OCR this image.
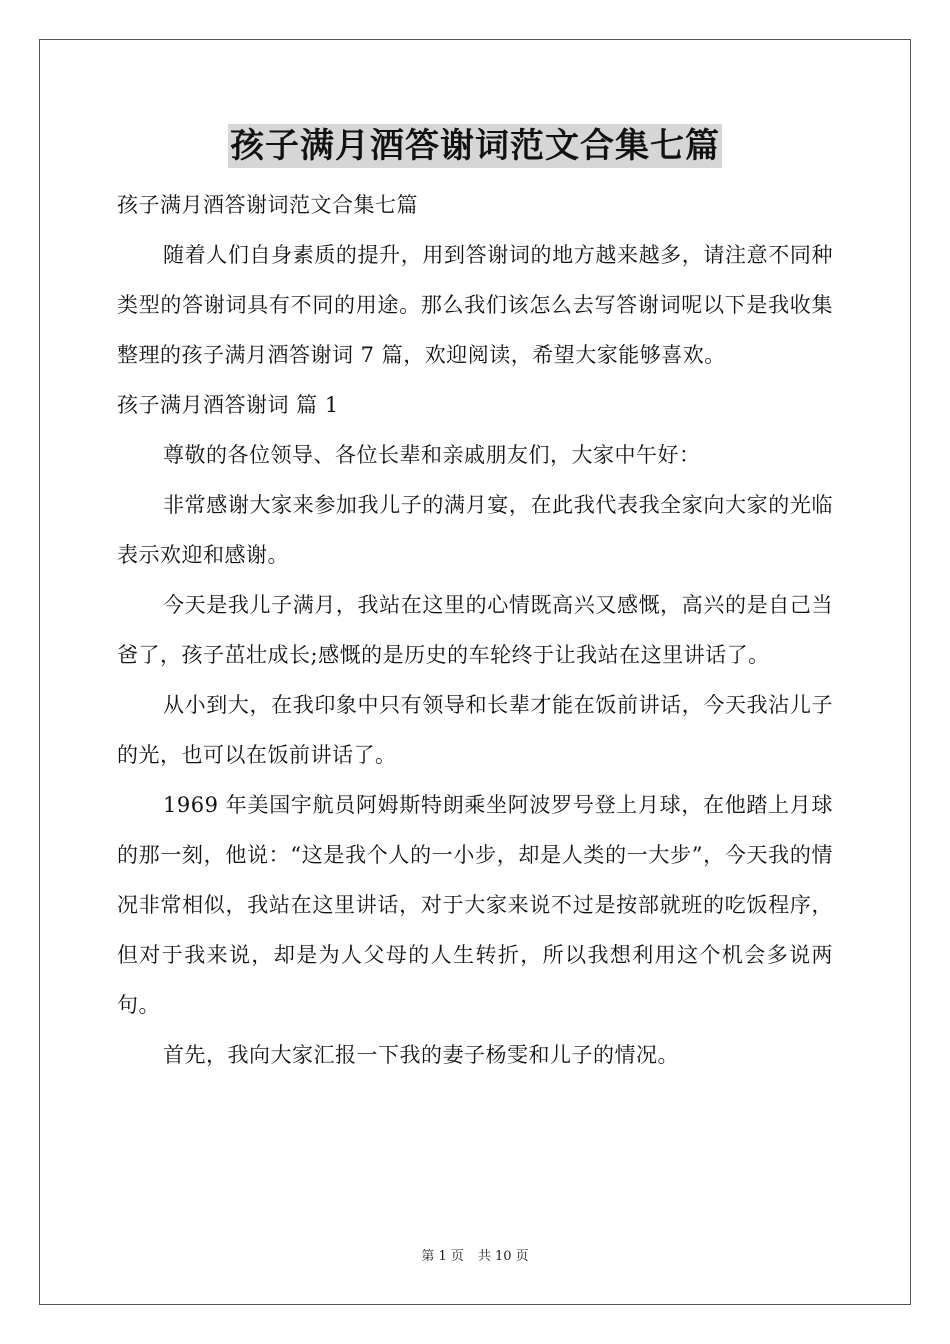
孩子满月酒答谢词范文合集七篇

孩子满月酒答谢词范文合集七篇

随着人们自身素质的提升，用到答谢词的地方越来越多，请注意不同种类型的答谢词具有不同的用途。那么我们该怎么去写答谢词呢以下是我收集整理的孩子满月酒答谢词 7 篇，欢迎阅读，希望大家能够喜欢。

孩子满月酒答谢词 篇 1

尊敬的各位领导、各位长辈和亲戚朋友们，大家中午好：

非常感谢大家来参加我儿子的满月宴，在此我代表我全家向大家的光临表示欢迎和感谢。

今天是我儿子满月，我站在这里的心情既高兴又感慨，高兴的是自己当爸了，孩子茁壮成长;感慨的是历史的车轮终于让我站在这里讲话了。

从小到大，在我印象中只有领导和长辈才能在饭前讲话，今天我沾儿子的光，也可以在饭前讲话了。

1969 年美国宇航员阿姆斯特朗乘坐阿波罗号登上月球，在他踏上月球的那一刻，他说：“这是我个人的一小步，却是人类的一大步”，今天我的情况非常相似，我站在这里讲话，对于大家来说不过是按部就班的吃饭程序，但对于我来说，却是为人父母的人生转折，所以我想利用这个机会多说两句。

首先，我向大家汇报一下我的妻子杨雯和儿子的情况。

第 1 页 共 10 页
